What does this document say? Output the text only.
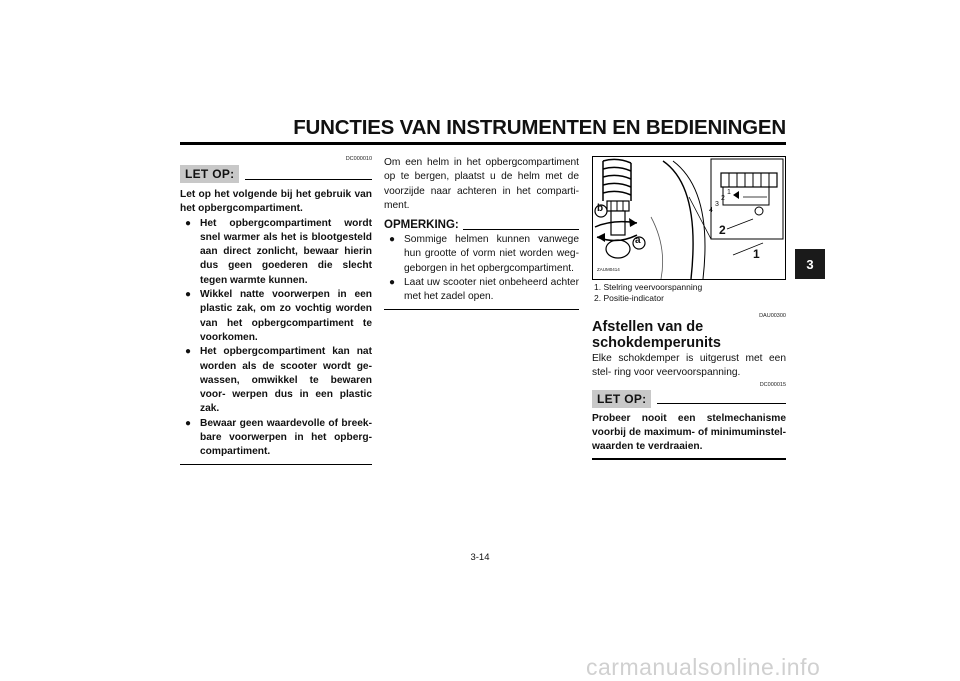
FUNCTIES VAN INSTRUMENTEN EN BEDIENINGEN
3
DC000010
LET OP:
Let op het volgende bij het gebruik van het opbergcompartiment.
● Het opbergcompartiment wordt snel warmer als het is blootgesteld aan direct zonlicht, bewaar hierin dus geen goederen die slecht tegen warmte kunnen.
● Wikkel natte voorwerpen in een plastic zak, om zo vochtig worden van het opbergcompartiment te voorkomen.
● Het opbergcompartiment kan nat worden als de scooter wordt ge- wassen, omwikkel te bewaren voor- werpen dus in een plastic zak.
● Bewaar geen waardevolle of breek- bare voorwerpen in het opberg- compartiment.
Om een helm in het opbergcompartiment op te bergen, plaatst u de helm met de voorzijde naar achteren in het comparti- ment.
OPMERKING:
● Sommige helmen kunnen vanwege hun grootte of vorm niet worden weg- geborgen in het opbergcompartiment.
● Laat uw scooter niet onbeheerd achter met het zadel open.
b
a
4
3
2
1
2
1
ZAUM0414
1. Stelring veervoorspanning
2. Positie-indicator
DAU00300
Afstellen van de schokdemperunits
Elke schokdemper is uitgerust met een stel- ring voor veervoorspanning.
DC000015
LET OP:
Probeer nooit een stelmechanisme voorbij de maximum- of minimuminstel- waarden te verdraaien.
3-14
carmanualsonline.info
